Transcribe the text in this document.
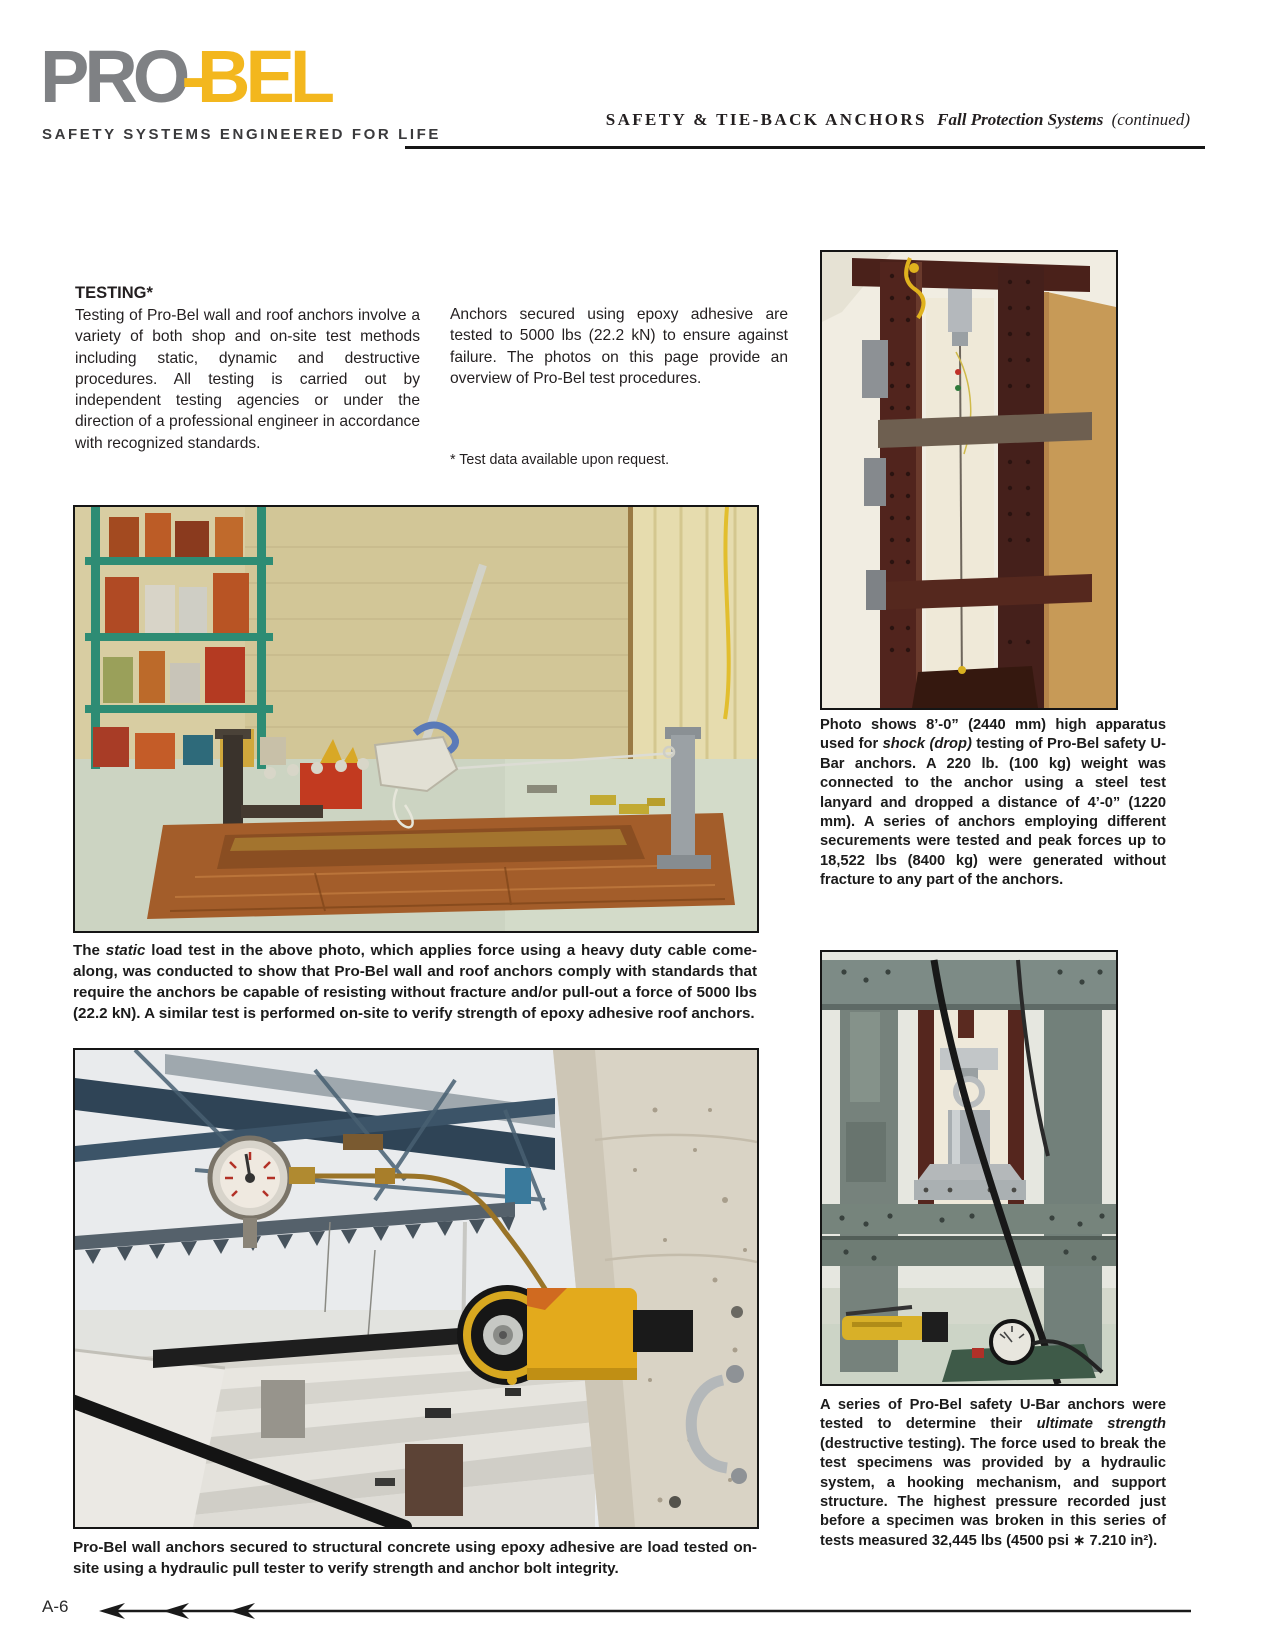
PRO-BEL
SAFETY SYSTEMS ENGINEERED FOR LIFE
SAFETY & TIE-BACK ANCHORS Fall Protection Systems (continued)
TESTING*
Testing of Pro-Bel wall and roof anchors involve a variety of both shop and on-site test methods including static, dynamic and destructive procedures. All testing is carried out by independent testing agencies or under the direction of a professional engineer in accordance with recognized standards.
Anchors secured using epoxy adhesive are tested to 5000 lbs (22.2 kN) to ensure against failure. The photos on this page provide an overview of Pro-Bel test procedures.
* Test data available upon request.
The static load test in the above photo, which applies force using a heavy duty cable come-along, was conducted to show that Pro-Bel wall and roof anchors comply with standards that require the anchors be capable of resisting without fracture and/or pull-out a force of 5000 lbs (22.2 kN). A similar test is performed on-site to verify strength of epoxy adhesive roof anchors.
Photo shows 8’-0” (2440 mm) high apparatus used for shock (drop) testing of Pro-Bel safety U-Bar anchors. A 220 lb. (100 kg) weight was connected to the anchor using a steel test lanyard and dropped a distance of 4’-0” (1220 mm). A series of anchors employing different securements were tested and peak forces up to 18,522 lbs (8400 kg) were generated without fracture to any part of the anchors.
A series of Pro-Bel safety U-Bar anchors were tested to determine their ultimate strength (destructive testing). The force used to break the test specimens was provided by a hydraulic system, a hooking mechanism, and support structure. The highest pressure recorded just before a specimen was broken in this series of tests measured 32,445 lbs (4500 psi ∗ 7.210 in²).
Pro-Bel wall anchors secured to structural concrete using epoxy adhesive are load tested on-site using a hydraulic pull tester to verify strength and anchor bolt integrity.
A-6
